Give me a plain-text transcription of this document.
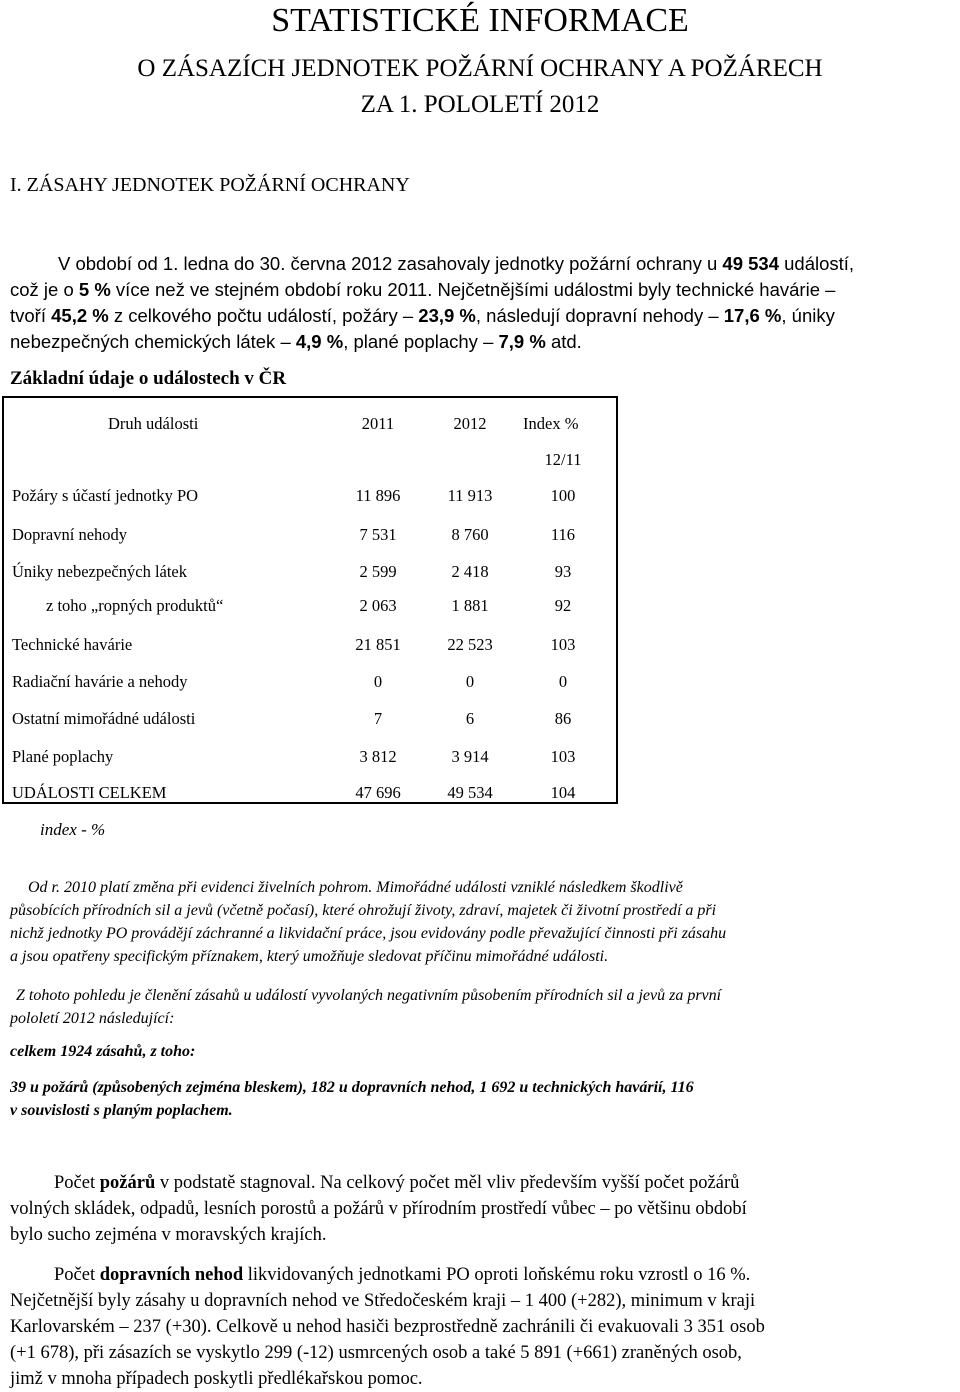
STATISTICKÉ INFORMACE
O ZÁSAZÍCH JEDNOTEK POŽÁRNÍ OCHRANY A POŽÁRECH
ZA 1. POLOLETÍ 2012
I. ZÁSAHY JEDNOTEK POŽÁRNÍ OCHRANY
V období od 1. ledna do 30. června 2012 zasahovaly jednotky požární ochrany u 49 534 událostí,
což je o 5 % více než ve stejném období roku 2011. Nejčetnějšími událostmi byly technické havárie –
tvoří 45,2 % z celkového počtu událostí, požáry – 23,9 %, následují dopravní nehody – 17,6 %, úniky
nebezpečných chemických látek – 4,9 %, plané poplachy – 7,9 % atd.
Základní údaje o událostech v ČR
Druh události	2011	2012	Index %
12/11
Požáry s účastí jednotky PO	11 896	11 913	100
Dopravní nehody	7 531	8 760	116
Úniky nebezpečných látek	2 599	2 418	93
z toho „ropných produktů“	2 063	1 881	92
Technické havárie	21 851	22 523	103
Radiační havárie a nehody	0	0	0
Ostatní mimořádné události	7	6	86
Plané poplachy	3 812	3 914	103
UDÁLOSTI CELKEM	47 696	49 534	104
index - %
Od r. 2010 platí změna při evidenci živelních pohrom. Mimořádné události vzniklé následkem škodlivě
působících přírodních sil a jevů (včetně počasí), které ohrožují životy, zdraví, majetek či životní prostředí a při
nichž jednotky PO provádějí záchranné a likvidační práce, jsou evidovány podle převažující činnosti při zásahu
a jsou opatřeny specifickým příznakem, který umožňuje sledovat příčinu mimořádné události.
Z tohoto pohledu je členění zásahů u událostí vyvolaných negativním působením přírodních sil a jevů za první
pololetí 2012 následující:
celkem 1924 zásahů, z toho:
39 u požárů (způsobených zejména bleskem), 182 u dopravních nehod, 1 692 u technických havárií, 116
v souvislosti s planým poplachem.
Počet požárů v podstatě stagnoval. Na celkový počet měl vliv především vyšší počet požárů
volných skládek, odpadů, lesních porostů a požárů v přírodním prostředí vůbec – po většinu období
bylo sucho zejména v moravských krajích.
Počet dopravních nehod likvidovaných jednotkami PO oproti loňskému roku vzrostl o 16 %.
Nejčetnější byly zásahy u dopravních nehod ve Středočeském kraji – 1 400 (+282), minimum v kraji
Karlovarském – 237 (+30). Celkově u nehod hasiči bezprostředně zachránili či evakuovali 3 351 osob
(+1 678), při zásazích se vyskytlo 299 (-12) usmrcených osob a také 5 891 (+661) zraněných osob,
jimž v mnoha případech poskytli předlékařskou pomoc.
